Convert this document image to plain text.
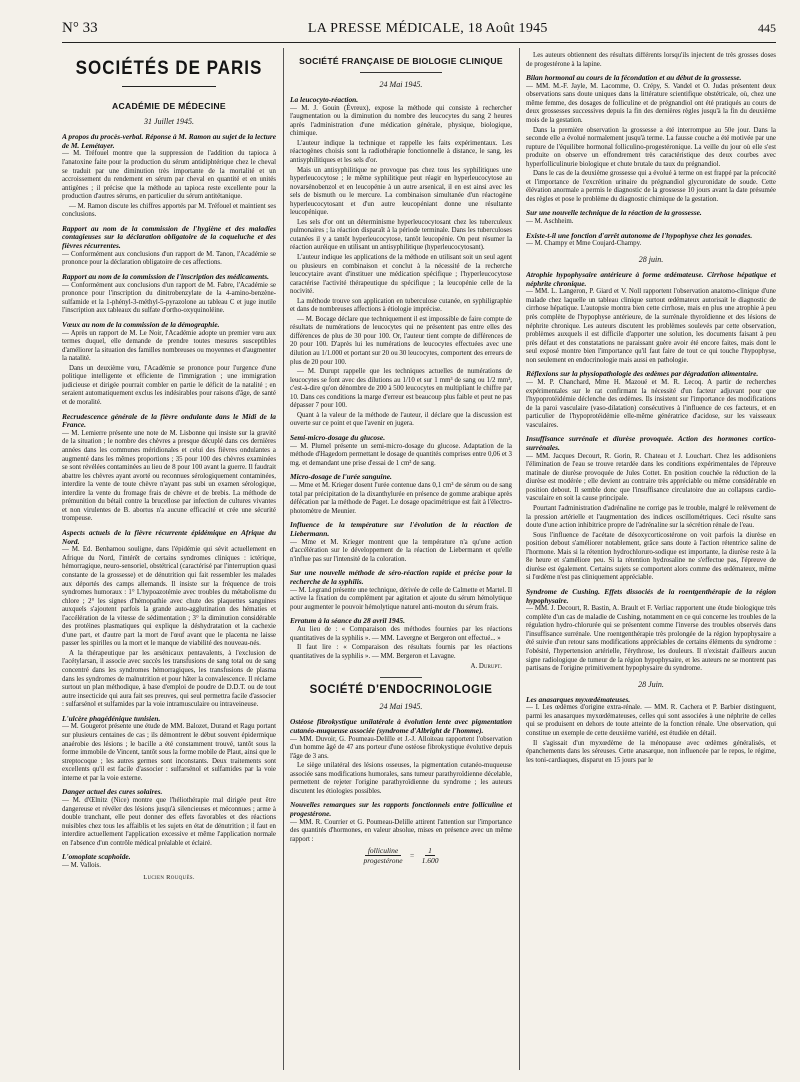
N° 33	LA PRESSE MÉDICALE, 18 Août 1945	445
SOCIÉTÉS DE PARIS
ACADÉMIE DE MÉDECINE
31 Juillet 1945.
A propos du procès-verbal. Réponse à M. Ramon au sujet de la lecture de M. Lemétayer.

— M. Tréfouel montre que la suppression de l'addition du tapioca à l'anatoxine faite pour la production du sérum antidiphtérique chez le cheval se traduit par une diminution très importante de la mortalité et un accroissement du rendement en sérum par cheval en quantité et en unités antigènes ; il précise que la méthode au tapioca reste excellente pour la production d'autres sérums, en particulier du sérum antitétanique.

— M. Ramon discute les chiffres apportés par M. Tréfouel et maintient ses conclusions.

Rapport au nom de la commission de l'hygiène et des maladies contagieuses sur la déclaration obligatoire de la coqueluche et des fièvres récurrentes.

— Conformément aux conclusions d'un rapport de M. Tanon, l'Académie se prononce pour la déclaration obligatoire de ces affections.

Rapport au nom de la commission de l'inscription des médicaments.

— Conformément aux conclusions d'un rapport de M. Fabre, l'Académie se prononce pour l'inscription du dinitrobenzylate de la 4-amino-benzène-sulfamide et la 1-phényl-3-méthyl-5-pyrazolone au tableau C et juge inutile l'inscription aux tableaux du sulfate d'ortho-oxyquinoléine.

Vœux au nom de la commission de la démographie.

— Après un rapport de M. Le Noir, l'Académie adopte un premier vœu aux termes duquel, elle demande de prendre toutes mesures susceptibles d'améliorer la situation des familles nombreuses ou moyennes et d'augmenter la natalité.

Dans un deuxième vœu, l'Académie se prononce pour l'urgence d'une politique intelligente et efficiente de l'immigration ; une immigration judicieuse et dirigée pourrait combler en partie le déficit de la natalité ; en seraient automatiquement exclus les indésirables pour raisons d'âge, de santé et de moralité.

Recrudescence générale de la fièvre ondulante dans le Midi de la France.

— M. Lemierre présente une note de M. Lisbonne qui insiste sur la gravité de la situation ; le nombre des chèvres a presque décuplé dans ces dernières années dans les communes méridionales et celui des fièvres ondulantes a augmenté dans les mêmes proportions ; 35 pour 100 des chèvres examinées se sont révélées contaminées au lieu de 8 pour 100 avant la guerre. Il faudrait abattre les chèvres ayant avorté ou reconnues sérologiquement contaminées, interdire la vente de toute chèvre n'ayant pas subi un examen sérologique, interdire la vente du fromage frais de chèvre et de brebis. La méthode de prémunition du bétail contre la brucellose par infection de cultures vivantes et non virulentes de B. abortus n'a aucune efficacité et crée une sécurité trompeuse.

Aspects actuels de la fièvre récurrente épidémique en Afrique du Nord.

— M. Ed. Benhamou souligne, dans l'épidémie qui sévit actuellement en Afrique du Nord, l'intérêt de certains syndromes cliniques : ictérique, hémorragique, neuro-sensoriel, obstétrical (caractérisé par l'interruption quasi constante de la grossesse) et de dénutrition qui fait ressembler les malades aux déportés des camps allemands. Il insiste sur la fréquence de trois syndromes humoraux : 1° L'hypoazotémie avec troubles du métabolisme du chlore ; 2° les signes d'hémopathie avec chute des plaquettes sanguines auxquels s'ajoutent parfois la grande auto-agglutination des hématies et l'accélération de la vitesse de sédimentation ; 3° la diminution considérable des protéines plasmatiques qui explique la déshydratation et la cachexie d'une part, et d'autre part la mort de l'œuf avant que le placenta ne laisse passer les spirilles ou la mort et le manque de viabilité des nouveau-nés.

A la thérapeutique par les arsénicaux pentavalents, à l'exclusion de l'acétylarsan, il associe avec succès les transfusions de sang total ou de sang concentré dans les syndromes hémorragiques, les transfusions de plasma dans les syndromes de malnutrition et pour hâter la convalescence. Il réclame surtout un plan méthodique, à base d'emploi de poudre de D.D.T. ou de tout autre insecticide qui aura fait ses preuves, qui seul permettra facile d'associer : sulfarsénol et sulfamides par la voie intramusculaire ou intraveineuse.

L'ulcère phagédénique tunisien.

— M. Gougerot présente une étude de MM. Balozet, Durand et Ragu portant sur plusieurs centaines de cas ; ils démontrent le début souvent épidermique anaérobie des lésions ; le bacille a été constamment trouvé, tantôt sous la forme immobile de Vincent, tantôt sous la forme mobile de Plaut, ainsi que le streptocoque ; les autres germes sont inconstants. Deux traitements sont excellents qu'il est facile d'associer : sulfarsénol et sulfamides par la voie interne et par la voie externe.

Danger actuel des cures solaires.

— M. d'Œlnitz (Nice) montre que l'héliothérapie mal dirigée peut être dangereuse et révéler des lésions jusqu'à silencieuses et méconnues ; arme à double tranchant, elle peut donner des effets favorables et des réactions nuisibles chez tous les affaiblis et les sujets en état de dénutrition ; il faut en interdire actuellement l'application excessive et même l'application normale en l'absence d'un contrôle médical préalable et éclairé.

L'omoplate scaphoïde.

— M. Vallois.

Lucien Rouquès.
SOCIÉTÉ FRANÇAISE DE BIOLOGIE CLINIQUE
24 Mai 1945.
La leucocyto-réaction.

— M. J. Gouin (Évreux), expose la méthode qui consiste à rechercher l'augmentation ou la diminution du nombre des leucocytes du sang 2 heures après l'administration d'une médication générale, physique, biologique, chimique.

L'auteur indique la technique et rappelle les faits expérimentaux. Les réactogènes choisis sont la radiothérapie fonctionnelle à distance, le sang, les antisyphilitiques et les sels d'or.

Mais un antisyphilitique ne provoque pas chez tous les syphilitiques une hyperleucocytose ; le même syphilitique peut réagir en hyperleucocytose au novarsénobenzol et en leucopénie à un autre arsenical, il en est ainsi avec les sels de bismuth ou le mercure. La combinaison simultanée d'un réactogène hyperleucocytosant et d'un autre leucopéniant donne une résultante leucopénique.

Les sels d'or ont un déterminisme hyperleucocytosant chez les tuberculeux pulmonaires ; la réaction disparaît à la période terminale. Dans les tuberculoses cutanées il y a tantôt hyperleucocytose, tantôt leucopénie. On peut résumer la réaction auréique en utilisant un antisyphilitique (hyperleucocytosant).

L'auteur indique les applications de la méthode en utilisant soit un seul agent ou plusieurs en combinaison et conclut à la nécessité de la recherche leucocytaire avant d'instituer une médication spécifique ; l'hyperleucocytose caractérise l'activité thérapeutique du spécifique ; la leucopénie celle de la nocivité.

La méthode trouve son application en tuberculose cutanée, en syphiligraphie et dans de nombreuses affections à étiologie imprécise.

— M. Bocage déclare que techniquement il est impossible de faire compte de résultats de numérations de leucocytes qui ne présentent pas entre elles des différences de plus de 30 pour 100. Or, l'auteur tient compte de différences de 20 pour 100. D'après lui les numérations de leucocytes effectuées avec une dilution au 1/1.000 et portant sur 20 ou 30 leucocytes, comportent des erreurs de plus de 20 pour 100.

— M. Durupt rappelle que les techniques actuelles de numérations de leucocytes se font avec des dilutions au 1/10 et sur 1 mm³ de sang ou 1/2 mm³, c'est-à-dire qu'on dénombre de 200 à 500 leucocytes en multipliant le chiffre par 10. Dans ces conditions la marge d'erreur est beaucoup plus faible et peut ne pas dépasser 7 pour 100.

Quant à la valeur de la méthode de l'auteur, il déclare que la discussion est ouverte sur ce point et que l'avenir en jugera.

Semi-micro-dosage du glucose.

— M. Plumel présente un semi-micro-dosage du glucose. Adaptation de la méthode d'Hagedorn permettant le dosage de quantités comprises entre 0,06 et 3 mg. et demandant une prise d'essai de 1 cm³ de sang.

Micro-dosage de l'urée sanguine.

— Mme et M. Krieger dosent l'urée contenue dans 0,1 cm³ de sérum ou de sang total par précipitation de la dixanthylurée en présence de gomme arabique après défécation par la méthode de Paget. Le dosage opacimétrique est fait à l'électro-photomètre de Meunier.

Influence de la température sur l'évolution de la réaction de Liebermann.

— Mme et M. Krieger montrent que la température n'a qu'une action d'accélération sur le développement de la réaction de Liebermann et qu'elle n'influe pas sur l'intensité de la coloration.

Sur une nouvelle méthode de séro-réaction rapide et précise pour la recherche de la syphilis.

— M. Legrand présente une technique, dérivée de celle de Calmette et Martel. Il active la fixation du complément par agitation et ajoute du sérum hémolytique pour augmenter le pouvoir hémolytique naturel anti-mouton du sérum frais.

Erratum à la séance du 28 avril 1945.

Au lieu de : « Comparaison des méthodes fournies par les réactions quantitatives de la syphilis ». — MM. Lavergne et Bergeron ont effectué... »

Il faut lire : « Comparaison des résultats fournis par les réactions quantitatives de la syphilis ». — MM. Bergeron et Lavagne.

A. Durupt.
SOCIÉTÉ D'ENDOCRINOLOGIE
24 Mai 1945.
Ostéose fibrokystique unilatérale à évolution lente avec pigmentation cutanéo-muqueuse associée (syndrome d'Albright de l'homme).

— MM. Duvoir, G. Poumeau-Delille et J.-J. Alloiteau rapportent l'observation d'un homme âgé de 47 ans porteur d'une ostéose fibrokystique évolutive depuis l'âge de 3 ans.

Le siège unilatéral des lésions osseuses, la pigmentation cutanéo-muqueuse associée sans modifications humorales, sans tumeur parathyroïdienne décelable, permettent de rejeter l'origine parathyroïdienne du syndrome ; les auteurs discutent les étiologies possibles.

Nouvelles remarques sur les rapports fonctionnels entre folliculine et progestérone.

— MM. R. Courrier et G. Poumeau-Delille attirent l'attention sur l'importance des quantités d'hormones, en valeur absolue, mises en présence avec un même rapport :

$\frac{\text{folliculine}}{\text{progestérone}} = \frac{1}{1.600}$

Les auteurs obtiennent des résultats différents lorsqu'ils injectent de très grosses doses de progestérone à la lapine.

Bilan hormonal au cours de la fécondation et au début de la grossesse.

— MM. M.-F. Jayle, M. Lacomme, O. Crépy, S. Vandel et O. Judas présentent deux observations sans doute uniques dans la littérature scientifique obstétricale, où, chez une même femme, des dosages de folliculine et de prégnandiol ont été pratiqués au cours de deux grossesses successives depuis la fin des dernières règles jusqu'à la fin du deuxième mois de la gestation.

Dans la première observation la grossesse a été interrompue au 50e jour. Dans la seconde elle a évolué normalement jusqu'à terme. La fausse couche a été motivée par une rupture de l'équilibre hormonal folliculino-progestéronique. La veille du jour où elle s'est produite on observe un effondrement très caractéristique des deux courbes avec hyperfolliculinurie biologique et chute brutale du taux du prégnandiol.

Dans le cas de la deuxième grossesse qui a évolué à terme on est frappé par la précocité et l'importance de l'excrétion urinaire du prégnandiol glycuronidate de soude. Cette élévation anormale a permis le diagnostic de la grossesse 10 jours avant la date présumée des règles et pose le problème du diagnostic chimique de la gestation.

Sur une nouvelle technique de la réaction de la grossesse.

— M. Aschheim.

Existe-t-il une fonction d'arrêt autonome de l'hypophyse chez les gonades.

— M. Champy et Mme Coujard-Champy.

28 juin.
Atrophie hypophysaire antérieure à forme œdémateuse. Cirrhose hépatique et néphrite chronique.

— MM. L. Langeron, P. Giard et V. Noll rapportent l'observation anatomo-clinique d'une malade chez laquelle un tableau clinique surtout œdémateux autorisait le diagnostic de cirrhose hépatique. L'autopsie montra bien cette cirrhose, mais en plus une atrophie à peu près complète de l'hypophyse antérieure, de la surrénale thyroïdienne et des lésions de néphrite chronique. Les auteurs discutent les problèmes soulevés par cette observation, problèmes auxquels il est difficile d'apporter une solution, les documents faisant à peu près défaut et des constatations ne paraissant guère avoir été encore faites, mais dont le seul exposé montre bien l'importance qu'il faut faire de tout ce qui touche l'hypophyse, non seulement en endocrinologie mais aussi en pathologie.

Réflexions sur la physiopathologie des œdèmes par dégradation alimentaire.

— M. P. Chanchard, Mme H. Mazoué et M. R. Lecoq. A partir de recherches expérimentales sur le rat confirmant la nécessité d'un facteur adjuvant pour que l'hypoprotéidémie déclenche des œdèmes. Ils insistent sur l'importance des modifications de la paroi vasculaire (vaso-dilatation) consécutives à l'influence de ces facteurs, et en particulier de l'hypoprotéidémie elle-même génératrice d'acidose, sur les vaisseaux vasculaires.

Insuffisance surrénale et diurèse provoquée. Action des hormones cortico-surrénales.

— MM. Jacques Decourt, R. Gorin, R. Chateau et J. Louchart. Chez les addisoniens l'élimination de l'eau se trouve retardée dans les conditions expérimentales de l'épreuve matinale de diurèse provoquée de Jules Cottet. En position couchée la réduction de la diurèse est modérée ; elle devient au contraire très appréciable ou même considérable en position debout. Il semble donc que l'insuffisance circulatoire due au collapsus cardio-vasculaire en soit la cause principale.

Pourtant l'administration d'adrénaline ne corrige pas le trouble, malgré le relèvement de la pression artérielle et l'augmentation des indices oscillométriques. Ceci résulte sans doute d'une action inhibitrice propre de l'adrénaline sur la sécrétion rénale de l'eau.

Sous l'influence de l'acétate de désoxycorticostérone on voit parfois la diurèse en position debout s'améliorer notablement, grâce sans doute à l'action rétentrice saline de l'hormone. Mais si la rétention hydrochloruro-sodique est importante, la diurèse reste à la 8e heure et s'améliore peu. Si la rétention hydrosaline ne s'effectue pas, l'épreuve de diurèse est également. Certains sujets se comportent alors comme des œdémateux, même si l'œdème n'est pas cliniquement appréciable.

Syndrome de Cushing. Effets dissociés de la roentgenthérapie de la région hypophysaire.

— MM. J. Decourt, R. Bastin, A. Brault et F. Verliac rapportent une étude biologique très complète d'un cas de maladie de Cushing, notamment en ce qui concerne les troubles de la régulation hydro-chlorurée qui se présentent comme l'inverse des troubles observés dans l'insuffisance surrénale. Une roentgenthérapie très prolongée de la région hypophysaire a été suivie d'un retour sans modifications appréciables de certains éléments du syndrome : l'obésité, l'hypertension artérielle, l'érythrose, les douleurs. Il n'existait d'ailleurs aucun signe radiologique de tumeur de la région hypophysaire, et les auteurs ne se montrent pas partisans de l'origine primitivement hypophysaire du syndrome.

28 Juin.
Les anasarques myxœdémateuses.

— I. Les œdèmes d'origine extra-rénale. — MM. R. Cachera et P. Barbier distinguent, parmi les anasarques myxœdémateuses, celles qui sont associées à une néphrite de celles qui se produisent en dehors de toute atteinte de la fonction rénale. Une observation, qui constitue un exemple de cette deuxième variété, est étudiée en détail.

Il s'agissait d'un myxœdème de la ménopause avec œdèmes généralisés, et épanchements dans les séreuses. Cette anasarque, non influencée par le repos, le régime, les toni-cardiaques, disparut en 15 jours par le
